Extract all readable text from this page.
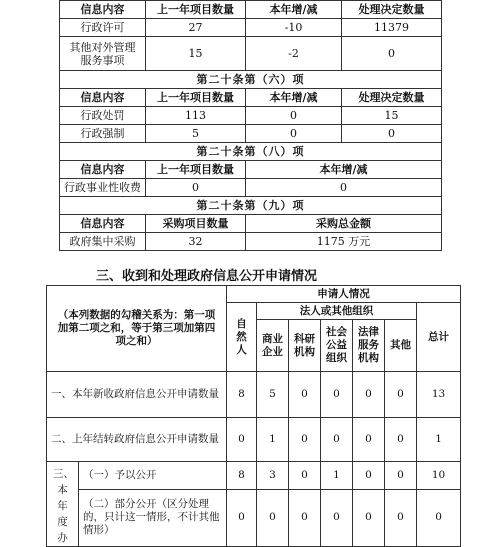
信息内容	上一年项目数量	本年增/减	处理决定数量
行政许可	27	-10	11379
其他对外管理服务事项	15	-2	0
第二十条第（六）项			
信息内容	上一年项目数量	本年增/减	处理决定数量
行政处罚	113	0	15
行政强制	5	0	0
第二十条第（八）项			
信息内容	上一年项目数量	本年增/减	
行政事业性收费	0	0	
第二十条第（九）项			
信息内容	采购项目数量	采购总金额	
政府集中采购	32	1175 万元	
三、收到和处理政府信息公开申请情况
（本列数据的勾稽关系为：第一项加第二项之和，等于第三项加第四项之和）		申请人情况						
		自然人	法人或其他组织					总计
			商业企业	科研机构	社会公益组织	法律服务机构	其他	
一、本年新收政府信息公开申请数量		8	5	0	0	0	0	13
二、上年结转政府信息公开申请数量		0	1	0	0	0	0	1
三、本年度办	（一）予以公开	8	3	0	1	0	0	10
	（二）部分公开（区分处理的，只计这一情形，不计其他情形）	0	0	0	0	0	0	0
